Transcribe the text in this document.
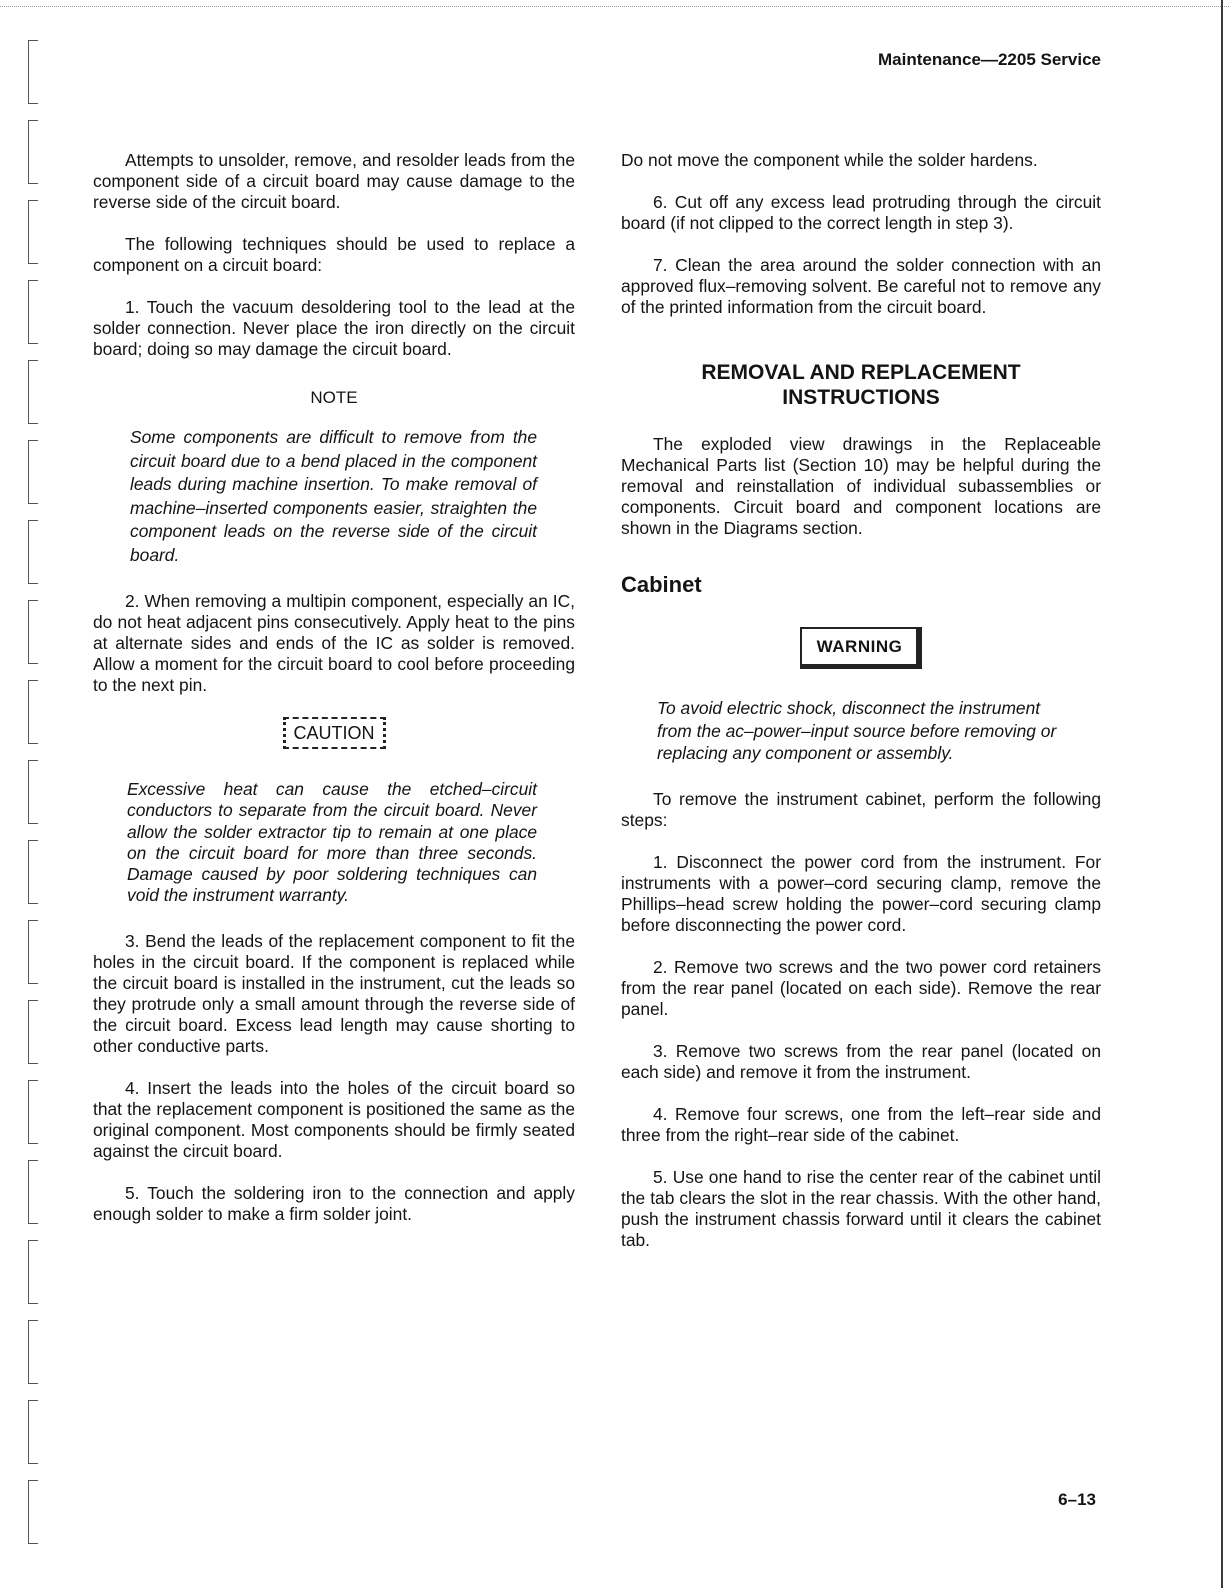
Maintenance—2205 Service

Attempts to unsolder, remove, and resolder leads from the component side of a circuit board may cause damage to the reverse side of the circuit board.

The following techniques should be used to replace a component on a circuit board:

1. Touch the vacuum desoldering tool to the lead at the solder connection. Never place the iron directly on the circuit board; doing so may damage the circuit board.

NOTE
Some components are difficult to remove from the circuit board due to a bend placed in the component leads during machine insertion. To make removal of machine–inserted components easier, straighten the component leads on the reverse side of the circuit board.

2. When removing a multipin component, especially an IC, do not heat adjacent pins consecutively. Apply heat to the pins at alternate sides and ends of the IC as solder is removed. Allow a moment for the circuit board to cool before proceeding to the next pin.

CAUTION
Excessive heat can cause the etched–circuit conductors to separate from the circuit board. Never allow the solder extractor tip to remain at one place on the circuit board for more than three seconds. Damage caused by poor soldering techniques can void the instrument warranty.

3. Bend the leads of the replacement component to fit the holes in the circuit board. If the component is replaced while the circuit board is installed in the instrument, cut the leads so they protrude only a small amount through the reverse side of the circuit board. Excess lead length may cause shorting to other conductive parts.

4. Insert the leads into the holes of the circuit board so that the replacement component is positioned the same as the original component. Most components should be firmly seated against the circuit board.

5. Touch the soldering iron to the connection and apply enough solder to make a firm solder joint.

Do not move the component while the solder hardens.

6. Cut off any excess lead protruding through the circuit board (if not clipped to the correct length in step 3).

7. Clean the area around the solder connection with an approved flux–removing solvent. Be careful not to remove any of the printed information from the circuit board.

REMOVAL AND REPLACEMENT
INSTRUCTIONS

The exploded view drawings in the Replaceable Mechanical Parts list (Section 10) may be helpful during the removal and reinstallation of individual subassemblies or components. Circuit board and component locations are shown in the Diagrams section.

Cabinet
WARNING
To avoid electric shock, disconnect the instrument from the ac–power–input source before removing or replacing any component or assembly.

To remove the instrument cabinet, perform the following steps:

1. Disconnect the power cord from the instrument. For instruments with a power–cord securing clamp, remove the Phillips–head screw holding the power–cord securing clamp before disconnecting the power cord.

2. Remove two screws and the two power cord retainers from the rear panel (located on each side). Remove the rear panel.

3. Remove two screws from the rear panel (located on each side) and remove it from the instrument.

4. Remove four screws, one from the left–rear side and three from the right–rear side of the cabinet.

5. Use one hand to rise the center rear of the cabinet until the tab clears the slot in the rear chassis. With the other hand, push the instrument chassis forward until it clears the cabinet tab.

6–13
